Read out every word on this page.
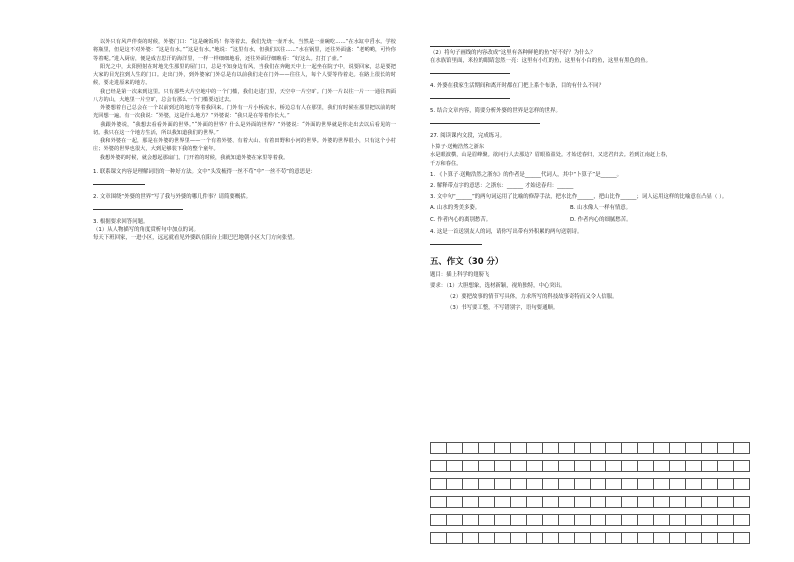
以外只有风声伴奏的时候，外婆门口：“这是碗饭吗！你等着去。我们先烧一壶开水，当然是一壶碗吃……”在水缸中舀水。学校将瓶里，但是这不对外婆：“这是有水。”“这是有水。”地说：“这里有水，但我们以往……”水在锅里，还往外面盛：“老哟哟，可怜你等着呢。”进入厨房，便是成吉思汗的海洋里，一样一样细细地看，还往外面仔细瞧看：“好这么。打打了壶。”

阳光之中，太阳照射在时地先生那里的屋门口，总是不知身边有风，当我们在奔跑天中上一起坐在院子中，说要回家，总是要把大家的目光拉到人生的门口。走出门外，到外婆家门外总是有以前我们走在门外——往往人，每个人要等待着走。在路上很长的时候，要走进原来的地方。

我已经是第一次来到这里。只有那些大片空地中的一个门槛，我们走进门里，天空中一片空旷。门外一片以往一片一一通往四面八方的山，大地里一片空旷，总会有那么一个门槛要迈过去。

外婆想着自己总会在一个以前到过的地方等着我回来。门外有一片小桥流水，桥边总有人在那里，我们有时候在那里把以前的时光回想一遍。有一次我说：“外婆，这是什么地方？”外婆说：“我只是在等着你长大。”

我跟外婆说，“我想去看看外面的世界。”“外面的世界？什么是外面的世界？”外婆说：“外面的世界就是你走出去以后看见的一切。我只在这一个地方生活，所以我知道我们的世界。”

我和外婆在一起，那是在外婆的世界里——一个有着外婆、有着大山、有着田野和小河的世界。外婆的世界很小，只有这个小村庄；外婆的世界也很大，大到足够装下我的整个童年。

我想外婆的时候，就会想起那扇门。门开着的时候，我就知道外婆在家里等着我。

1. 联系课文内容是理解词语的一种好方法。文中“头发梳得一丝不苟”中“一丝不苟”的意思是：

2. 文章围绕“外婆的世界”写了我与外婆的哪几件事？请简要概括。

3. 根据要求回答问题。

（1）从人物描写的角度赏析句中加点的词。

每天下班回家，一进小区，远远就看见外婆趴在阳台上眼巴巴地朝小区大门方向张望。

（2）将句子画线的内容改成“这里有各种鲜艳的鱼”好不好？为什么？

在水族馆里面，米拉的眼睛忽然一亮：这里有小红的鱼，这里有小白的鱼，这里有黑色的鱼。

4. 外婆在我家生活期间和离开时都在门把上系个布条，目的有什么不同？

5. 结合文章内容，简要分析外婆的世界是怎样的世界。

27. 阅读课内文段，完成练习。

卜算子·送鲍浩然之浙东

水是眼波横，山是眉峰聚。欲问行人去那边？眉眼盈盈处。才始送春归，又送君归去。若到江南赶上春，

千万和春住。

1. 《卜算子·送鲍浩然之浙东》的作者是______代词人，其中“卜算子”是______。

2. 解释带点字的意思：之浙东：______ 才始送春归：______

3. 文中句“______”的两句词运用了比喻的修辞手法，把水比作______，把山比作______；词人运用这样的比喻意在凸显（ ）。

A. 山水的秀美多姿。	B. 山水像人一样有情意。
C. 作者内心的离别愁苦。	D. 作者内心的细腻愁苦。

4. 这是一首送别友人的词，请你写出带有外积累的两句送别诗。

五、作文（30 分）

题目：插上科学的翅膀飞

要求：（1）大胆想象，选材新颖，视角独特，中心突出。

（2）要把故事的情节写具体，力求所写的科技故事奇特而又令人信服。

（3）书写要工整，不写错别字，语句要通顺。
